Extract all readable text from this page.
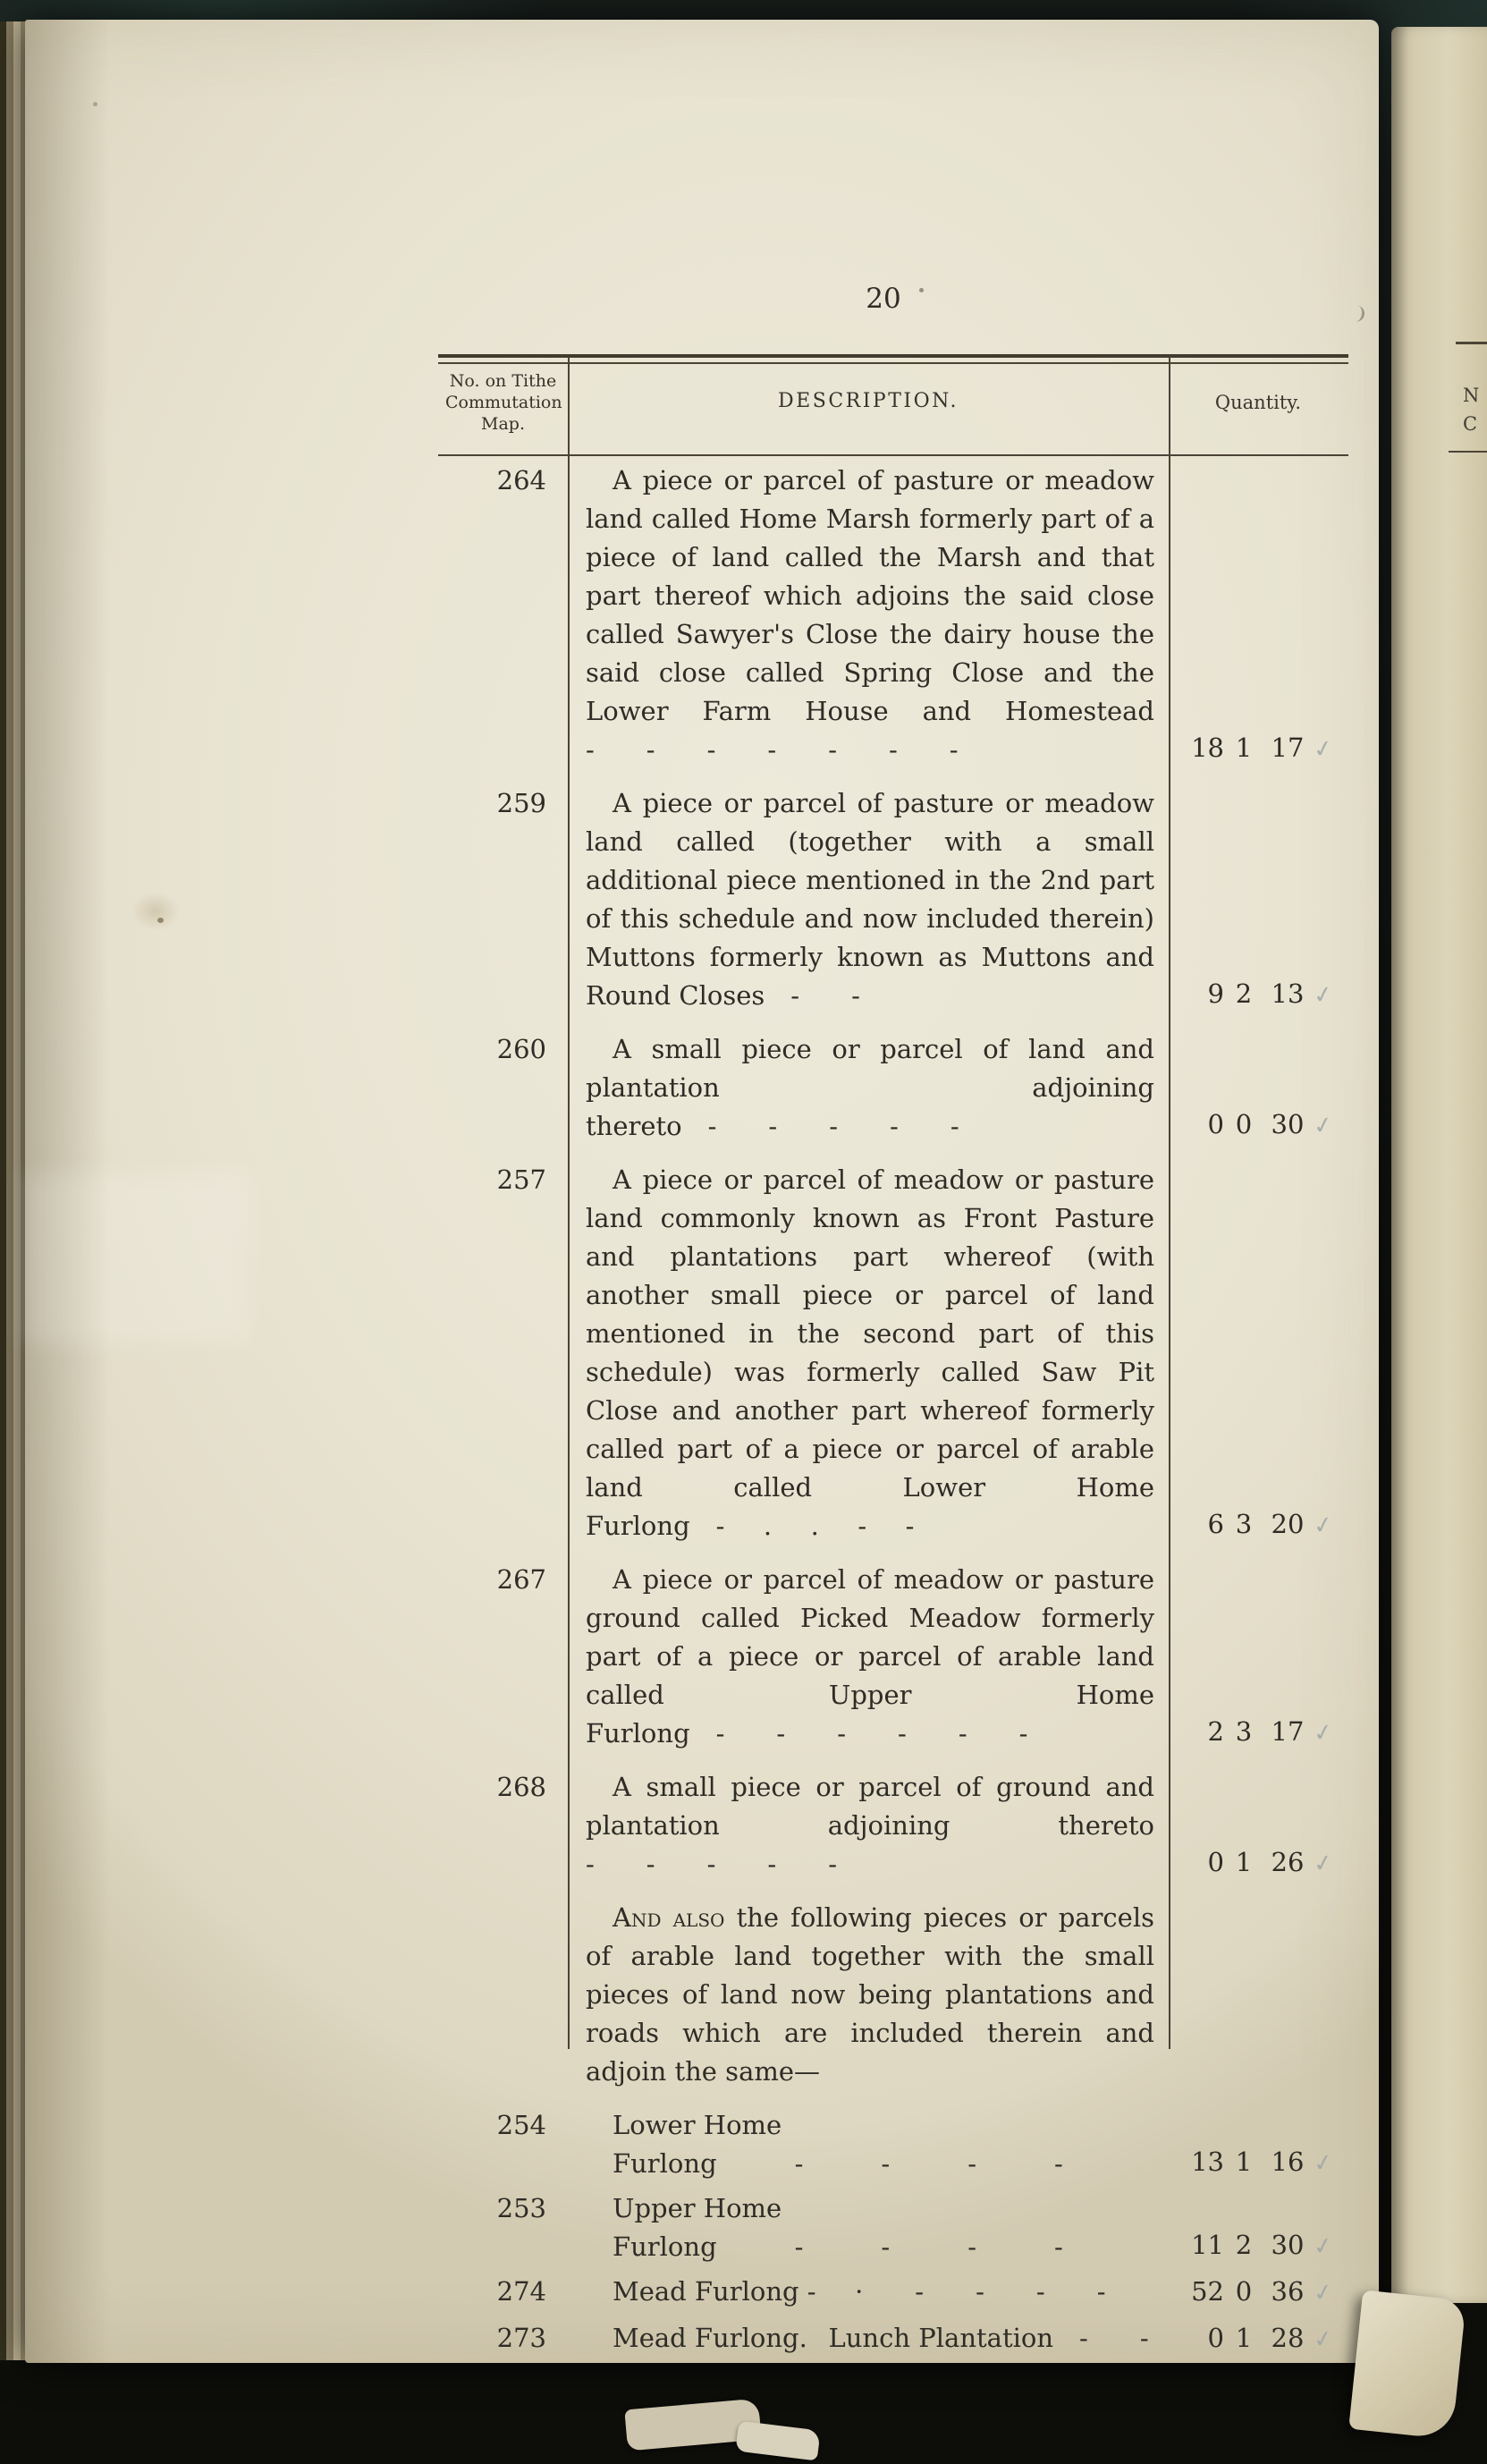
20
No. on Tithe Commutation Map.
DESCRIPTION.	Quantity.
264	A piece or parcel of pasture or meadow land called Home Marsh formerly part of a piece of land called the Marsh and that part thereof which adjoins the said close called Sawyer's Close the dairy house the said close called Spring Close and the Lower Farm House and Homestead -  -  -  -  -  -  -	18 1 17 ✓
259	A piece or parcel of pasture or meadow land called (together with a small additional piece mentioned in the 2nd part of this schedule and now included therein) Muttons formerly known as Muttons and Round Closes -  -	9 2 13 ✓
260	A small piece or parcel of land and plantation adjoining thereto -  -  -  -  -	0 0 30 ✓
257	A piece or parcel of meadow or pasture land commonly known as Front Pasture and plantations part whereof (with another small piece or parcel of land mentioned in the second part of this schedule) was formerly called Saw Pit Close and another part whereof formerly called part of a piece or parcel of arable land called Lower Home Furlong -  .  .  -  -	6 3 20 ✓
267	A piece or parcel of meadow or pasture ground called Picked Meadow formerly part of a piece or parcel of arable land called Upper Home Furlong -  -  -  -  -  -	2 3 17 ✓
268	A small piece or parcel of ground and plantation adjoining thereto -  -  -  -  -	0 1 26 ✓
And also the following pieces or parcels of arable land together with the small pieces of land now being plantations and roads which are included therein and adjoin the same—
254	Lower Home Furlong   -   -   -   -	13 1 16 ✓
253	Upper Home Furlong   -   -   -   -	11 2 30 ✓
274	Mead Furlong -  ·  -  -  -  -	52 0 36 ✓
273	Mead Furlong.  Lunch Plantation -  -	0 1 28 ✓
N
C
